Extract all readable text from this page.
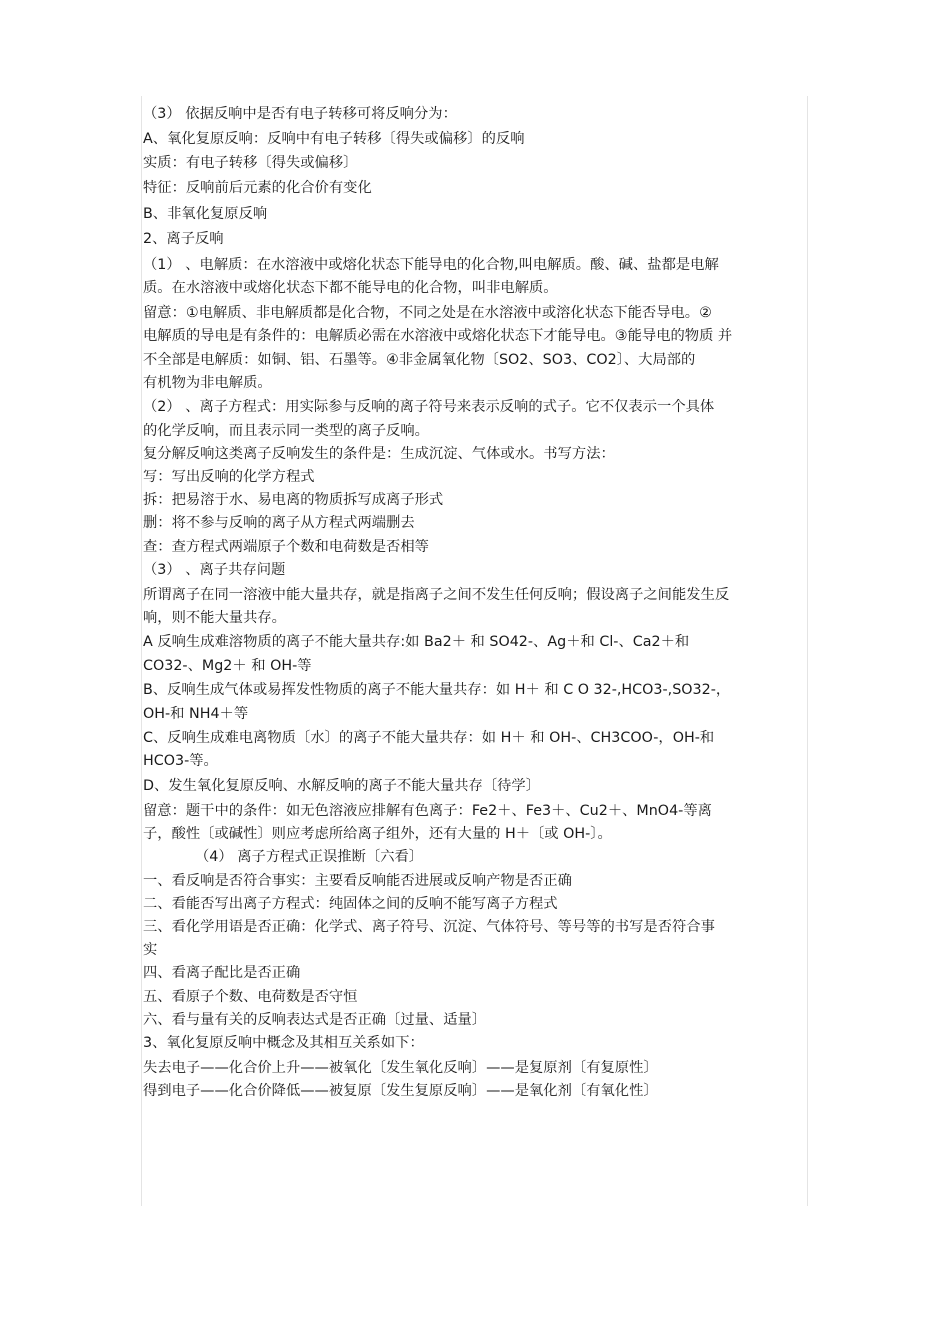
（3） 依据反响中是否有电子转移可将反响分为：
A、氧化复原反响：反响中有电子转移〔得失或偏移〕的反响
实质：有电子转移〔得失或偏移〕
特征：反响前后元素的化合价有变化
B、非氧化复原反响
2、离子反响
（1） 、电解质：在水溶液中或熔化状态下能导电的化合物,叫电解质。酸、碱、盐都是电解
质。在水溶液中或熔化状态下都不能导电的化合物，叫非电解质。
留意：①电解质、非电解质都是化合物，不同之处是在水溶液中或溶化状态下能否导电。②
电解质的导电是有条件的：电解质必需在水溶液中或熔化状态下才能导电。③能导电的物质 并
不全部是电解质：如铜、铝、石墨等。④非金属氧化物〔SO2、SO3、CO2〕、大局部的
有机物为非电解质。
（2） 、离子方程式：用实际参与反响的离子符号来表示反响的式子。它不仅表示一个具体
的化学反响，而且表示同一类型的离子反响。
复分解反响这类离子反响发生的条件是：生成沉淀、气体或水。书写方法：
写：写出反响的化学方程式
拆：把易溶于水、易电离的物质拆写成离子形式
删：将不参与反响的离子从方程式两端删去
查：查方程式两端原子个数和电荷数是否相等
（3） 、离子共存问题
所谓离子在同一溶液中能大量共存，就是指离子之间不发生任何反响；假设离子之间能发生反
响，则不能大量共存。
A 反响生成难溶物质的离子不能大量共存:如 Ba2＋ 和 SO42-、Ag＋和 Cl-、Ca2＋和
CO32-、Mg2＋ 和 OH-等
B、反响生成气体或易挥发性物质的离子不能大量共存：如 H＋ 和 C O 32-,HCO3-,SO32-，
OH-和 NH4＋等
C、反响生成难电离物质〔水〕的离子不能大量共存：如 H＋ 和 OH-、CH3COO-，OH-和
HCO3-等。
D、发生氧化复原反响、水解反响的离子不能大量共存〔待学〕
留意：题干中的条件：如无色溶液应排解有色离子：Fe2＋、Fe3＋、Cu2＋、MnO4-等离
子，酸性〔或碱性〕则应考虑所给离子组外，还有大量的 H＋〔或 OH-〕。
（4） 离子方程式正误推断〔六看〕
一、看反响是否符合事实：主要看反响能否进展或反响产物是否正确
二、看能否写出离子方程式：纯固体之间的反响不能写离子方程式
三、看化学用语是否正确：化学式、离子符号、沉淀、气体符号、等号等的书写是否符合事
实
四、看离子配比是否正确
五、看原子个数、电荷数是否守恒
六、看与量有关的反响表达式是否正确〔过量、适量〕
3、氧化复原反响中概念及其相互关系如下：
失去电子——化合价上升——被氧化〔发生氧化反响〕——是复原剂〔有复原性〕
得到电子——化合价降低——被复原〔发生复原反响〕——是氧化剂〔有氧化性〕
